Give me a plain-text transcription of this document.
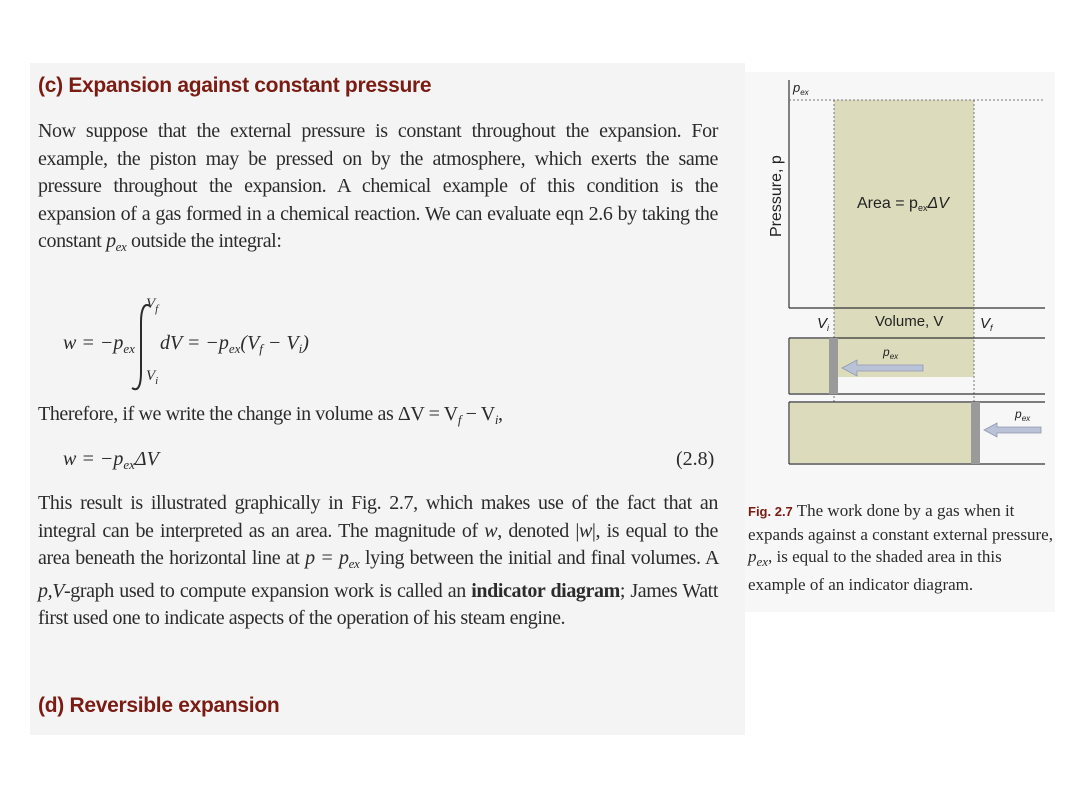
(c) Expansion against constant pressure
Now suppose that the external pressure is constant throughout the expansion. For example, the piston may be pressed on by the atmosphere, which exerts the same pressure throughout the expansion. A chemical example of this condition is the expansion of a gas formed in a chemical reaction. We can evaluate eqn 2.6 by taking the constant $p_{ex}$ outside the integral:
$w = -p_{ex}$
$V_f$
$V_i$
dV = $-p_{ex}(V_f - V_i)$
Therefore, if we write the change in volume as $\Delta V = V_f - V_i$,
$w = -p_{ex}\Delta V$	(2.8)
This result is illustrated graphically in Fig. 2.7, which makes use of the fact that an integral can be interpreted as an area. The magnitude of w, denoted |w|, is equal to the area beneath the horizontal line at $p = p_{ex}$ lying between the initial and final volumes. A p,V-graph used to compute expansion work is called an indicator diagram; James Watt first used one to indicate aspects of the operation of his steam engine.
(d) Reversible expansion
$p_{ex}$
Pressure, p	Area = pexΔV
$V_i$	Volume, V $V_f$
$p_{ex}$
$p_{ex}$
Fig. 2.7 The work done by a gas when it expands against a constant external pressure, $p_{ex}$, is equal to the shaded area in this example of an indicator diagram.
